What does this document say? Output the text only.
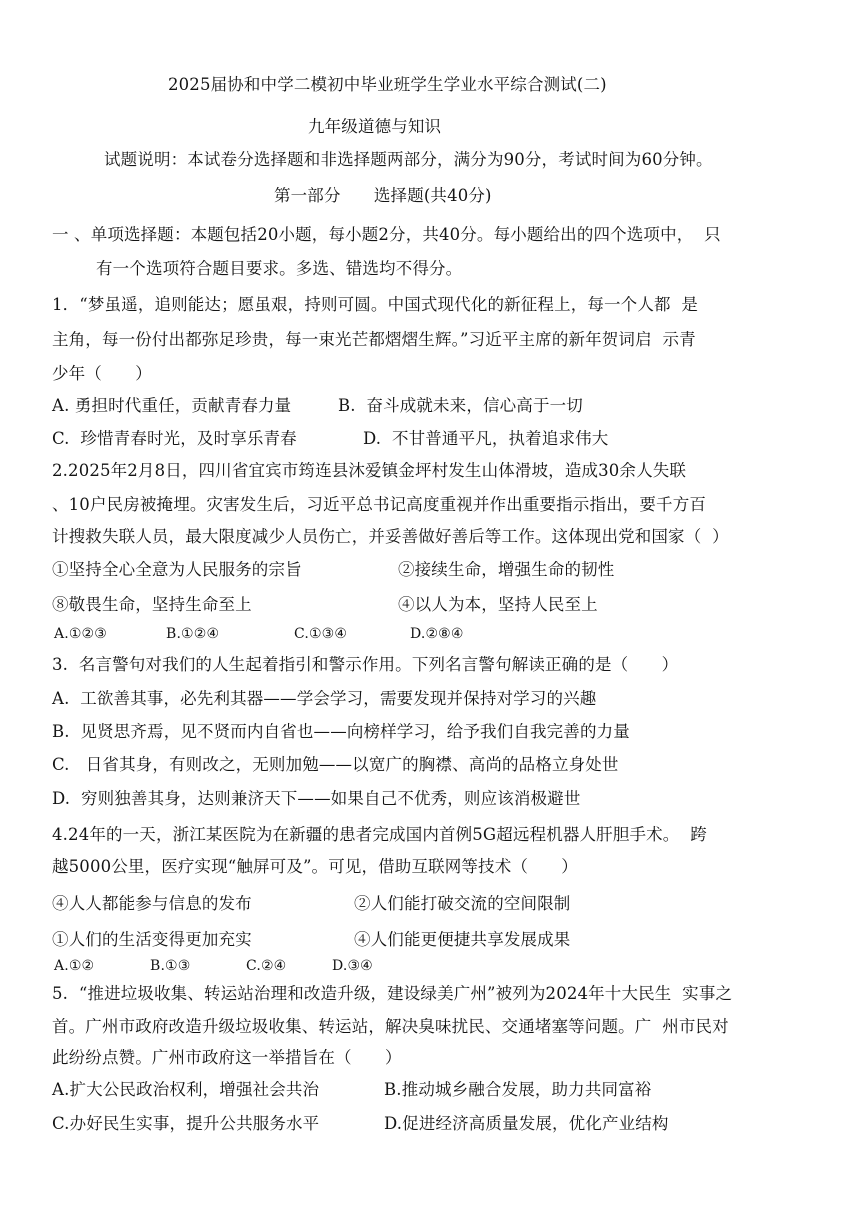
2025届协和中学二模初中毕业班学生学业水平综合测试(二)
九年级道德与知识
试题说明：本试卷分选择题和非选择题两部分，满分为90分，考试时间为60分钟。
第一部分　　选择题(共40分)
一 、单项选择题：本题包括20小题，每小题2分，共40分。每小题给出的四个选项中，  只
有一个选项符合题目要求。多选、错选均不得分。
1．“梦虽遥，追则能达；愿虽艰，持则可圆。中国式现代化的新征程上，每一个人都  是
主角，每一份付出都弥足珍贵，每一束光芒都熠熠生辉。”习近平主席的新年贺词启  示青
少年（　　）
A. 勇担时代重任，贡献青春力量	B.  奋斗成就未来，信心高于一切
C.  珍惜青春时光，及时享乐青春	D.  不甘普通平凡，执着追求伟大
2.2025年2月8日，四川省宜宾市筠连县沐爱镇金坪村发生山体滑坡，造成30余人失联
、10户民房被掩埋。灾害发生后，习近平总书记高度重视并作出重要指示指出，要千方百
计搜救失联人员，最大限度减少人员伤亡，并妥善做好善后等工作。这体现出党和国家（  ）
①坚持全心全意为人民服务的宗旨	②接续生命，增强生命的韧性
⑧敬畏生命，坚持生命至上	④以人为本，坚持人民至上
A.①②③	B.①②④	C.①③④	D.②⑧④
3.  名言警句对我们的人生起着指引和警示作用。下列名言警句解读正确的是（　　）
A.  工欲善其事，必先利其器——学会学习，需要发现并保持对学习的兴趣
B.  见贤思齐焉，见不贤而内自省也——向榜样学习，给予我们自我完善的力量
C.   日省其身，有则改之，无则加勉——以宽广的胸襟、高尚的品格立身处世
D.  穷则独善其身，达则兼济天下——如果自己不优秀，则应该消极避世
4.24年的一天，浙江某医院为在新疆的患者完成国内首例5G超远程机器人肝胆手术。  跨
越5000公里，医疗实现“触屏可及”。可见，借助互联网等技术（　　）
④人人都能参与信息的发布	②人们能打破交流的空间限制
①人们的生活变得更加充实	④人们能更便捷共享发展成果
A.①②	B.①③	C.②④	D.③④
5.  “推进垃圾收集、转运站治理和改造升级，建设绿美广州”被列为2024年十大民生  实事之
首。广州市政府改造升级垃圾收集、转运站，解决臭味扰民、交通堵塞等问题。广  州市民对
此纷纷点赞。广州市政府这一举措旨在（　　）
A.扩大公民政治权利，增强社会共治	B.推动城乡融合发展，助力共同富裕
C.办好民生实事，提升公共服务水平	D.促进经济高质量发展，优化产业结构
